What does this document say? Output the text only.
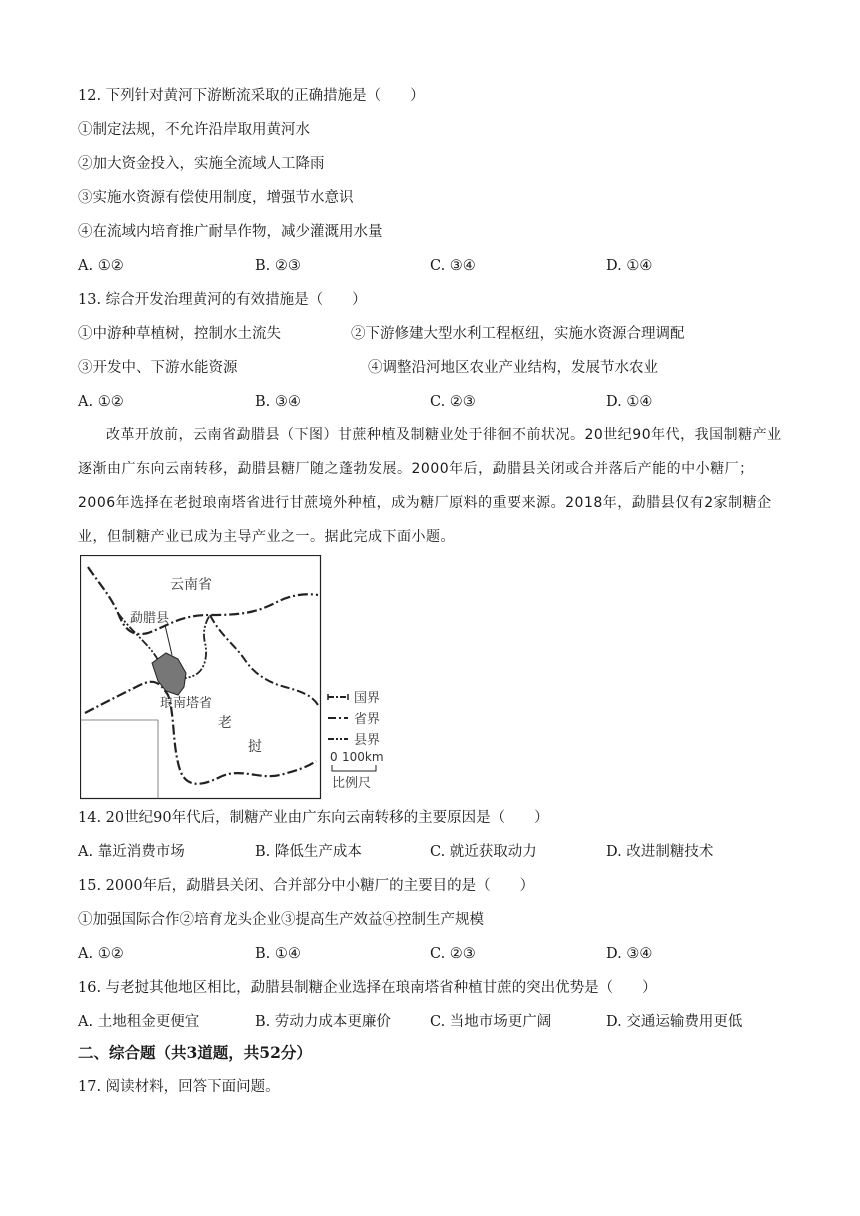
12. 下列针对黄河下游断流采取的正确措施是（　　）
①制定法规，不允许沿岸取用黄河水
②加大资金投入，实施全流域人工降雨
③实施水资源有偿使用制度，增强节水意识
④在流域内培育推广耐旱作物，减少灌溉用水量
A. ①②	B. ②③	C. ③④	D. ①④
13. 综合开发治理黄河的有效措施是（　　）
①中游种草植树，控制水土流失	②下游修建大型水利工程枢纽，实施水资源合理调配
③开发中、下游水能资源	④调整沿河地区农业产业结构，发展节水农业
A. ①②	B. ③④	C. ②③	D. ①④
改革开放前，云南省勐腊县（下图）甘蔗种植及制糖业处于徘徊不前状况。20世纪90年代，我国制糖产业逐渐由广东向云南转移，勐腊县糖厂随之蓬勃发展。2000年后，勐腊县关闭或合并落后产能的中小糖厂；2006年选择在老挝琅南塔省进行甘蔗境外种植，成为糖厂原料的重要来源。2018年，勐腊县仅有2家制糖企业，但制糖产业已成为主导产业之一。据此完成下面小题。
云南省
勐腊县
琅南塔省
老
挝
国界
省界
县界
0 100km
比例尺
14. 20世纪90年代后，制糖产业由广东向云南转移的主要原因是（　　）
A. 靠近消费市场	B. 降低生产成本	C. 就近获取动力	D. 改进制糖技术
15. 2000年后，勐腊县关闭、合并部分中小糖厂的主要目的是（　　）
①加强国际合作②培育龙头企业③提高生产效益④控制生产规模
A. ①②	B. ①④	C. ②③	D. ③④
16. 与老挝其他地区相比，勐腊县制糖企业选择在琅南塔省种植甘蔗的突出优势是（　　）
A. 土地租金更便宜	B. 劳动力成本更廉价	C. 当地市场更广阔	D. 交通运输费用更低
二、综合题（共3道题，共52分）
17. 阅读材料，回答下面问题。
